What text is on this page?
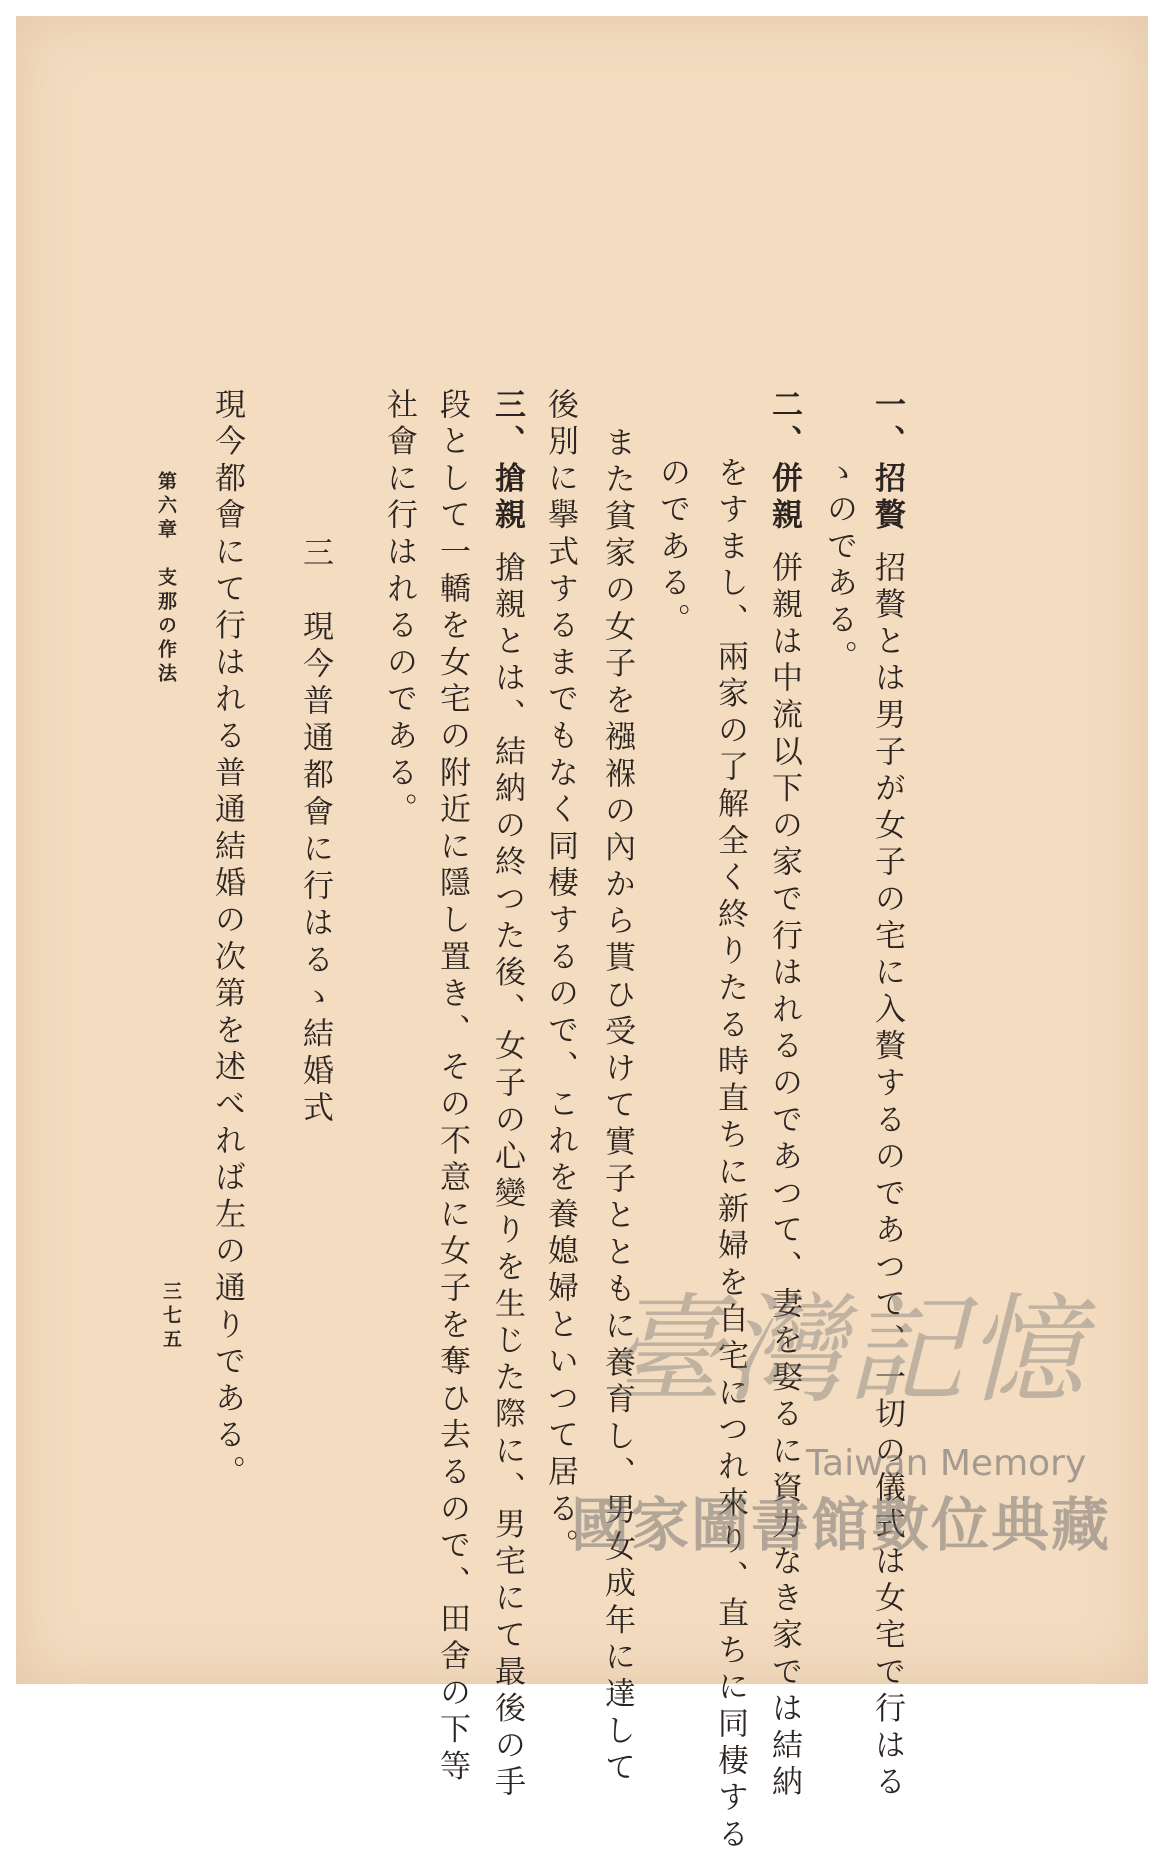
一、招贅招贅とは男子が女子の宅に入贅するのであつて、一切の儀式は女宅で行はる
ゝのである。
二、併親併親は中流以下の家で行はれるのであつて、妻を娶るに資力なき家では結納
をすまし、兩家の了解全く終りたる時直ちに新婦を自宅につれ來り、直ちに同棲する
のである。
また貧家の女子を襁褓の內から貰ひ受けて實子とともに養育し、男女成年に達して
後別に擧式するまでもなく同棲するので、これを養媳婦といつて居る。
三、搶親搶親とは、結納の終つた後、女子の心變りを生じた際に、男宅にて最後の手
段として一轎を女宅の附近に隱し置き、その不意に女子を奪ひ去るので、田舍の下等
社會に行はれるのである。
三　現今普通都會に行はるゝ結婚式
現今都會にて行はれる普通結婚の次第を述べれば左の通りである。
第六章　支那の作法
三七五	臺灣記憶
Taiwan Memory
國家圖書館數位典藏
